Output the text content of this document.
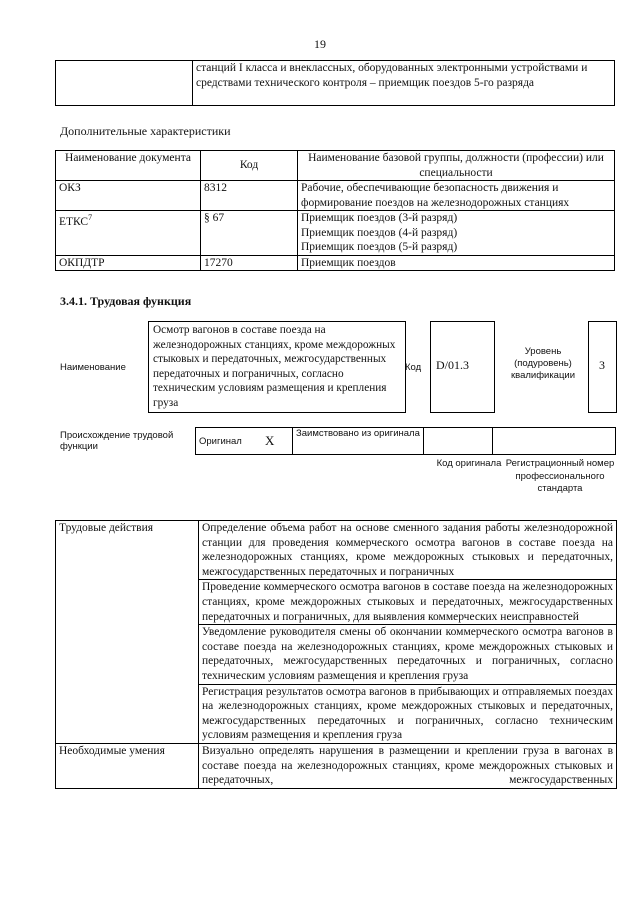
19
	станций I класса и внеклассных, оборудованных электронными устройствами и средствами технического контроля – приемщик поездов 5-го разряда
Дополнительные характеристики
Наименование документа	Код	Наименование базовой группы, должности (профессии) или специальности
ОКЗ	8312	Рабочие, обеспечивающие безопасность движения и формирование поездов на железнодорожных станциях
ЕТКС$^7$	§ 67	Приемщик поездов (3-й разряд)
Приемщик поездов (4-й разряд)
Приемщик поездов (5-й разряд)

ОКПДТР	17270	Приемщик поездов
3.4.1. Трудовая функция
Наименование
Осмотр вагонов в составе поезда на железнодорожных станциях, кроме междорожных стыковых и передаточных, межгосударственных передаточных и пограничных, согласно техническим условиям размещения и крепления груза
Код	D/01.3
Уровень (подуровень) квалификации
3
Происхождение трудовой функции	Оригинал	X	Заимствовано из оригинала		
Код оригинала Регистрационный номер профессионального стандарта
Трудовые действия	Определение объема работ на основе сменного задания работы железнодорожной станции для проведения коммерческого осмотра вагонов в составе поезда на железнодорожных станциях, кроме междорожных стыковых и передаточных, межгосударственных передаточных и пограничных
	Проведение коммерческого осмотра вагонов в составе поезда на железнодорожных станциях, кроме междорожных стыковых и передаточных, межгосударственных передаточных и пограничных, для выявления коммерческих неисправностей
	Уведомление руководителя смены об окончании коммерческого осмотра вагонов в составе поезда на железнодорожных станциях, кроме междорожных стыковых и передаточных, межгосударственных передаточных и пограничных, согласно техническим условиям размещения и крепления груза
	Регистрация результатов осмотра вагонов в прибывающих и отправляемых поездах на железнодорожных станциях, кроме междорожных стыковых и передаточных, межгосударственных передаточных и пограничных, согласно техническим условиям размещения и крепления груза
Необходимые умения	Визуально определять нарушения в размещении и креплении груза в вагонах в составе поезда на железнодорожных станциях, кроме междорожных стыковых и передаточных, межгосударственных
